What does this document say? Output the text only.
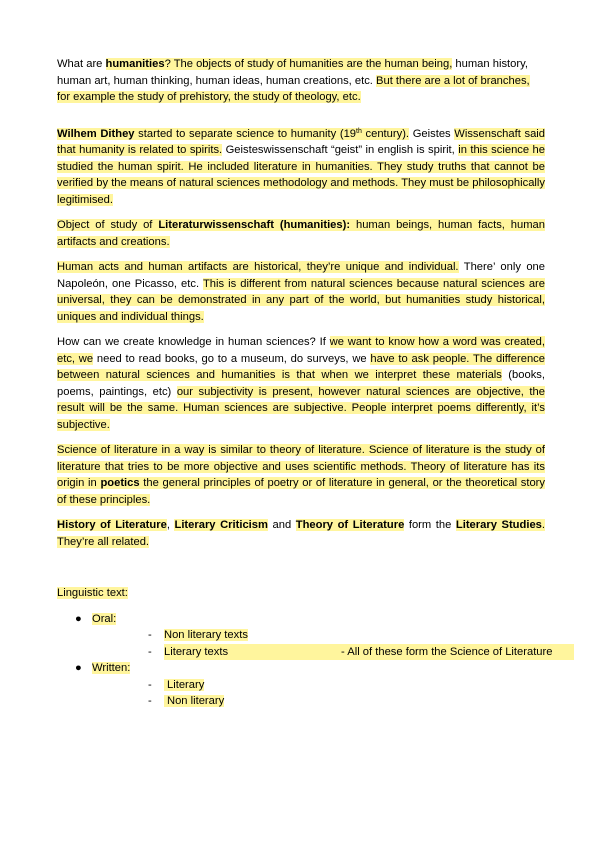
What are humanities? The objects of study of humanities are the human being, human history, human art, human thinking, human ideas, human creations, etc. But there are a lot of branches, for example the study of prehistory, the study of theology, etc.

Wilhem Dithey started to separate science to humanity (19th century). Geistes Wissenschaft said that humanity is related to spirits. Geisteswissenschaft “geist” in english is spirit, in this science he studied the human spirit. He included literature in humanities. They study truths that cannot be verified by the means of natural sciences methodology and methods. They must be philosophically legitimised.

Object of study of Literaturwissenschaft (humanities): human beings, human facts, human artifacts and creations.

Human acts and human artifacts are historical, they’re unique and individual. There’ only one Napoleón, one Picasso, etc. This is different from natural sciences because natural sciences are universal, they can be demonstrated in any part of the world, but humanities study historical, uniques and individual things.

How can we create knowledge in human sciences? If we want to know how a word was created, etc, we need to read books, go to a museum, do surveys, we have to ask people. The difference between natural sciences and humanities is that when we interpret these materials (books, poems, paintings, etc) our subjectivity is present, however natural sciences are objective, the result will be the same. Human sciences are subjective. People interpret poems differently, it’s subjective.

Science of literature in a way is similar to theory of literature. Science of literature is the study of literature that tries to be more objective and uses scientific methods. Theory of literature has its origin in poetics the general principles of poetry or of literature in general, or the theoretical story of these principles.

History of Literature, Literary Criticism and Theory of Literature form the Literary Studies. They’re all related.

Linguistic text:

● Oral:
- Non literary texts
- Literary texts	- All of these form the Science of Literature
● Written:
- Literary
- Non literary
